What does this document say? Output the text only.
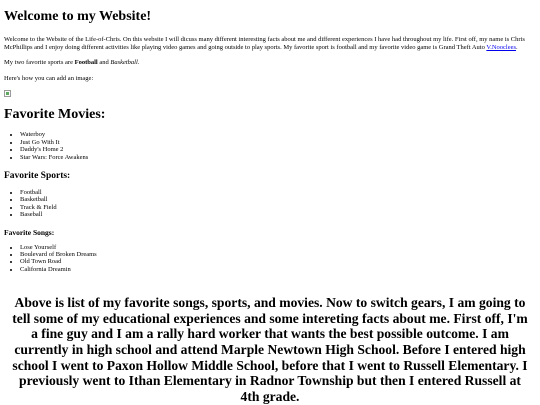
Welcome to my Website!

Welcome to the Website of the Life-of-Chris. On this website I will dicuss many different interesting facts about me and different experiences I have had throughout my life. First off, my name is Chris McPhillips and I enjoy doing different activities like playing video games and going outside to play sports. My favorite sport is football and my favorite video game is Grand Theft Auto V.Nooclees.

My two favorite sports are Football and Basketball.

Here's how you can add an image:

Favorite Movies:
• Waterboy
• Just Go With It
• Daddy's Home 2
• Star Wars: Force Awakens
Favorite Sports:
• Football
• Basketball
• Track & Field
• Baseball
Favorite Songs:
• Lose Yourself
• Boulevard of Broken Dreams
• Old Town Road
• California Dreamin

Above is list of my favorite songs, sports, and movies. Now to switch gears, I am going to tell some of my educational experiences and some intereting facts about me. First off, I'm a fine guy and I am a rally hard worker that wants the best possible outcome. I am currently in high school and attend Marple Newtown High School. Before I entered high school I went to Paxon Hollow Middle School, before that I went to Russell Elementary. I previously went to Ithan Elementary in Radnor Township but then I entered Russell at 4th grade.
